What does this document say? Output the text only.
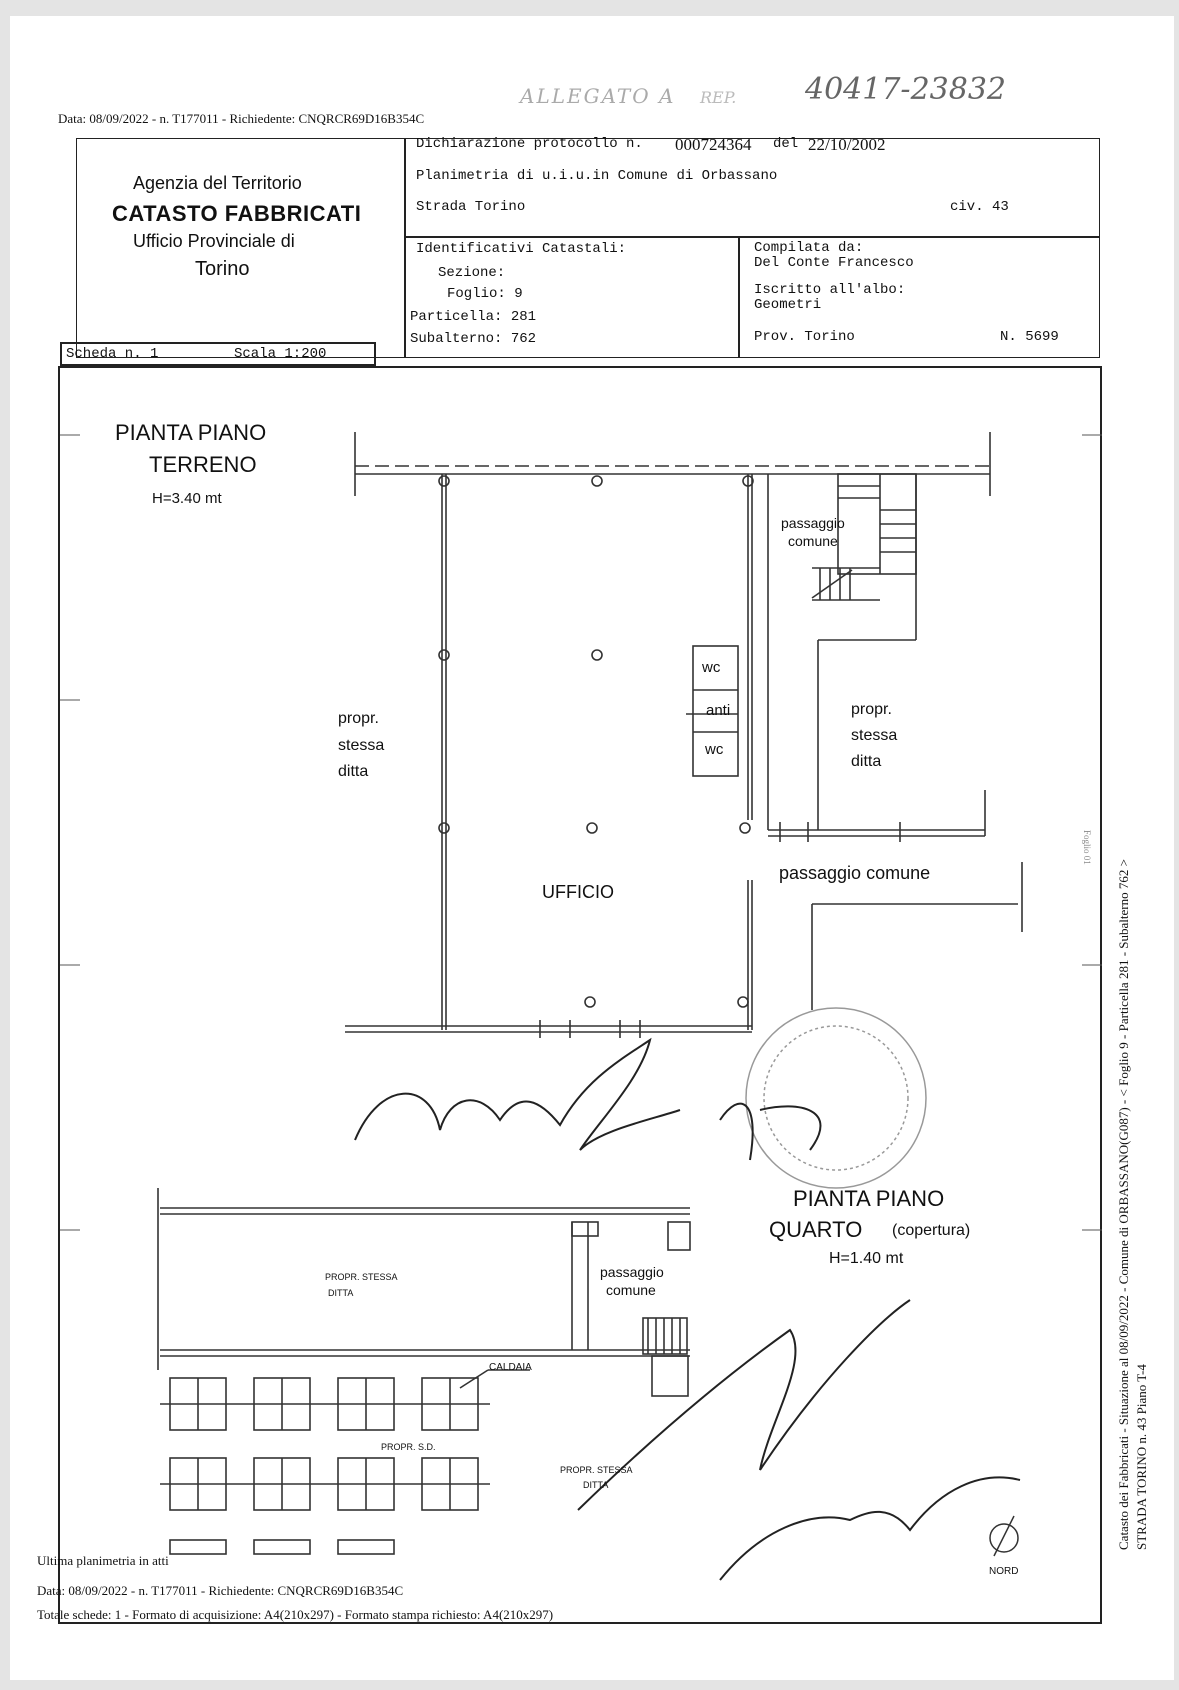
ALLEGATO A REP. 40417-23832
Data: 08/09/2022 - n. T177011 - Richiedente: CNQRCR69D16B354C
Agenzia del Territorio
CATASTO FABBRICATI
Ufficio Provinciale di
Torino
Dichiarazione protocollo n. 000724364 del 22/10/2002
Planimetria di u.i.u.in Comune di Orbassano
Strada Torino	civ. 43
Identificativi Catastali:
Sezione:
Foglio: 9
Particella: 281
Subalterno: 762
Compilata da:
Del Conte Francesco
Iscritto all'albo:
Geometri
Prov. Torino	N. 5699
Scheda n. 1	Scala 1:200
PIANTA PIANO
TERRENO
H=3.40 mt
propr.
stessa
ditta
UFFICIO
wc
anti
wc
passaggio
comune
propr.
stessa
ditta
passaggio comune
PIANTA PIANO
QUARTO (copertura)
H=1.40 mt
PROPR. STESSA
DITTA
passaggio
comune
CALDAIA
PROPR. S.D.
PROPR. STESSA
DITTA
NORD
Catasto dei Fabbricati - Situazione al 08/09/2022 - Comune di ORBASSANO(G087) - < Foglio 9 - Particella 281 - Subalterno 762 > STRADA TORINO n. 43 Piano T-4
Foglio 01
Ultima planimetria in atti
Data: 08/09/2022 - n. T177011 - Richiedente: CNQRCR69D16B354C
Totale schede: 1 - Formato di acquisizione: A4(210x297) - Formato stampa richiesto: A4(210x297)
